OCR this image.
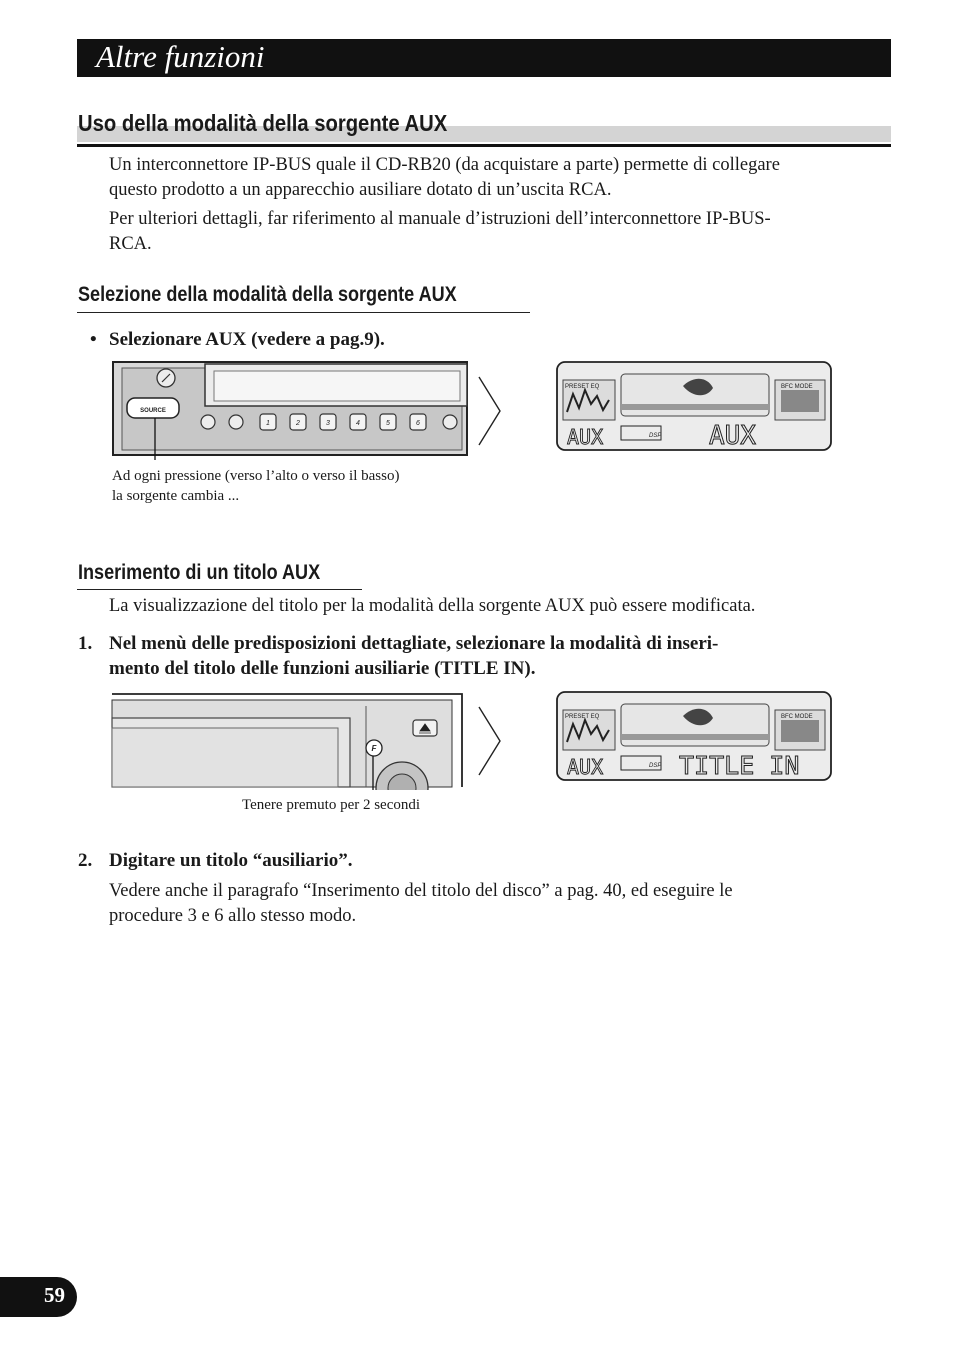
Altre funzioni
Uso della modalità della sorgente AUX
Un interconnettore IP-BUS quale il CD-RB20 (da acquistare a parte) permette di collegare
questo prodotto a un apparecchio ausiliare dotato di un’uscita RCA.
Per ulteriori dettagli, far riferimento al manuale d’istruzioni dell’interconnettore IP-BUS-
RCA.
Selezione della modalità della sorgente AUX
• Selezionare AUX (vedere a pag.9).
SOURCE
1	2	3	4	5	6
PRESET EQ	BFC MODE
AUX	DSP AUX
Ad ogni pressione (verso l’alto o verso il basso)
la sorgente cambia ...
Inserimento di un titolo AUX
La visualizzazione del titolo per la modalità della sorgente AUX può essere modificata.
1. Nel menù delle predisposizioni dettagliate, selezionare la modalità di inseri-
mento del titolo delle funzioni ausiliarie (TITLE IN).
F
PRESET EQ	BFC MODE
AUX	DSP TITLE IN
Tenere premuto per 2 secondi
2. Digitare un titolo “ausiliario”.
Vedere anche il paragrafo “Inserimento del titolo del disco” a pag. 40, ed eseguire le
procedure 3 e 6 allo stesso modo.
59
